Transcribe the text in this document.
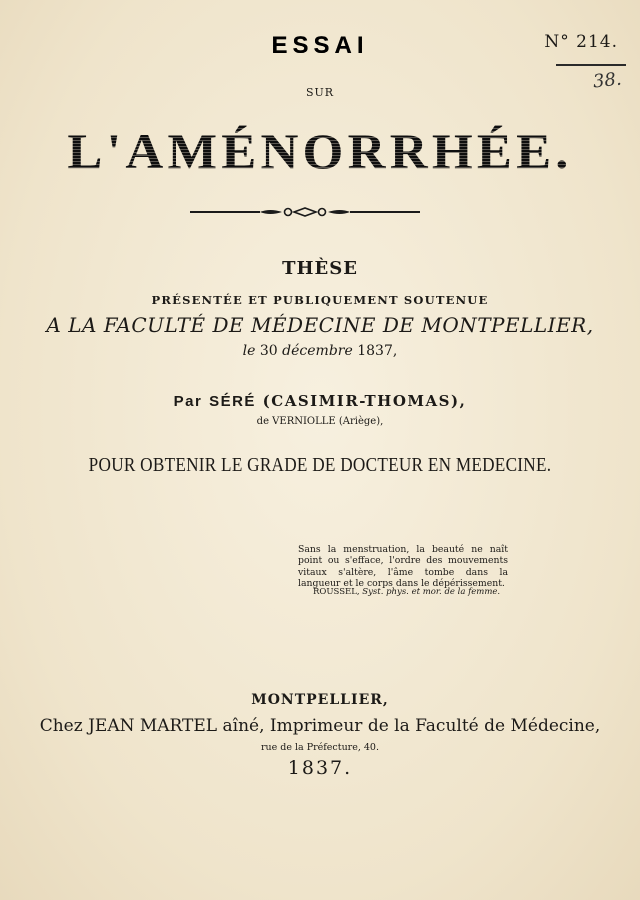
N° 214.
38.
ESSAI
SUR
L'AMÉNORRHÉE.
THÈSE
PRÉSENTÉE ET PUBLIQUEMENT SOUTENUE
A LA FACULTÉ DE MÉDECINE DE MONTPELLIER,
le 30 décembre 1837,
Par SÉRÉ (CASIMIR-THOMAS),
de VERNIOLLE (Ariège),
POUR OBTENIR LE GRADE DE DOCTEUR EN MEDECINE.
Sans la menstruation, la beauté ne naît point ou s'efface, l'ordre des mouvements vitaux s'altère, l'âme tombe dans la langueur et le corps dans le dépérissement.
ROUSSEL, Syst. phys. et mor. de la femme.
MONTPELLIER,
Chez JEAN MARTEL aîné, Imprimeur de la Faculté de Médecine,
rue de la Préfecture, 40.
1837.
